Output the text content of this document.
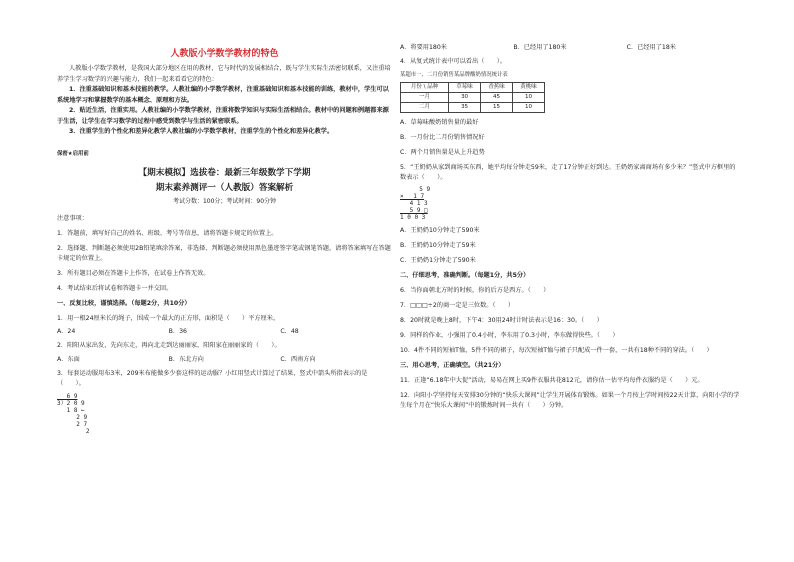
人教版小学数学教材的特色

人教版小学数学教材，是我国大部分地区在用的教材，它与时代的发展相结合，既与学生实际生活密切联系，又注重培养学生学习数学的兴趣与能力，我们一起来看看它的特色：

1．注重基础知识和基本技能的教学。人教社编的小学数学教材，注重基础知识和基本技能的训练，教材中，学生可以系统地学习和掌握数学的基本概念、原理和方法。

2．贴近生活，注重实用。人教社编的小学数学教材，注重将数学知识与实际生活相结合。教材中的问题和例题都来源于生活，让学生在学习数学的过程中感受到数学与生活的紧密联系。

3．注重学生的个性化和差异化教学人教社编的小学数学教材，注重学生的个性化和差异化教学。

保密★启用前

【期末模拟】选拔卷：最新三年级数学下学期
期末素养测评一（人教版）答案解析
考试分数：100分；考试时间：90分钟

注意事项：

1．答题前，填写好自己的姓名、班级、考号等信息，请将答题卡规定的位置上。

2．选择题、判断题必须使用2B铅笔填涂答案，非选择、判断题必须使用黑色墨迹签字笔或钢笔答题，请将答案填写在答题卡规定的位置上。

3．所有题目必须在答题卡上作答，在试卷上作答无效。

4．考试结束后将试卷和答题卡一并交回。

一、反复比较，谨慎选择。（每题2分，共10分）

1．用一根24厘米长的绳子，围成一个最大的正方形，面积是（　　）平方厘米。

A．24	B．36	C．48

2．阳阳从家出发，先向东走，再向北走到达丽丽家，阳阳家在丽丽家的（　　）。

A．东面	B．东北方向	C．西南方向

3．每套运动服用布3米，209米布能做多少套这样的运动服？小红用竖式计算过了结果，竖式中箭头所指表示的是（　　）。

　 6 9
3）2 0 9
　 1 8 ←
　 　 2 9
　 　 2 7
　 　 　 2
A．将要用180米	B．已经用了180米	C．已经用了18米

4．从复式统计表中可以看出（　　）。

某超市一、二月份销售某品牌酸奶情况统计表
月份 \ 品种	草莓味	香蕉味	黄桃味
一月	30	45	10
二月	35	15	10

A．草莓味酸奶销售量的最好

B．一月份比二月份销售情况好

C．两个月销售量是从上升趋势

5．“王奶奶从家到商场买东西，她平均每分钟走59米，走了17分钟正好到达。王奶奶家离商场有多少米？”竖式中方框里的数表示（　　）。

　 　 5 9
×　 1 7
　 4 1 3
　 5 9 □
1 0 0 3

A．王奶奶10分钟走了590米

B．王奶奶10分钟走了59米

C．王奶奶1分钟走了590米

二、仔细思考，准确判断。（每题1分，共5分）

6．当你面朝北方时的时候，你的后方是西方。（　　）

7．□□□÷2的商一定是三位数。（　　）

8．20时就是晚上8时，下午4：30用24时计时法表示是16：30。（　　）

9．同样的作业，小强用了0.4小时，李东用了0.3小时，李东做得快些。（　　）

10．4件不同的短袖T恤，5件不同的裙子，每次短袖T恤与裙子只配成一件一套，一共有18种不同的穿法。（　　）

三、用心思考，正确填空。（共21分）

11．正逢“6.18年中大促”活动，易易在网上买9件衣服共花812元，请你估一估平均每件衣服约是（　　）元。

12．向阳小学坚持每天安排30分钟的“快乐大课间”让学生开展体育锻炼。如果一个月按上学时间按22天计算，向阳小学的学生每个月在“快乐大课间”中的锻炼时间一共有（　　）分钟。
